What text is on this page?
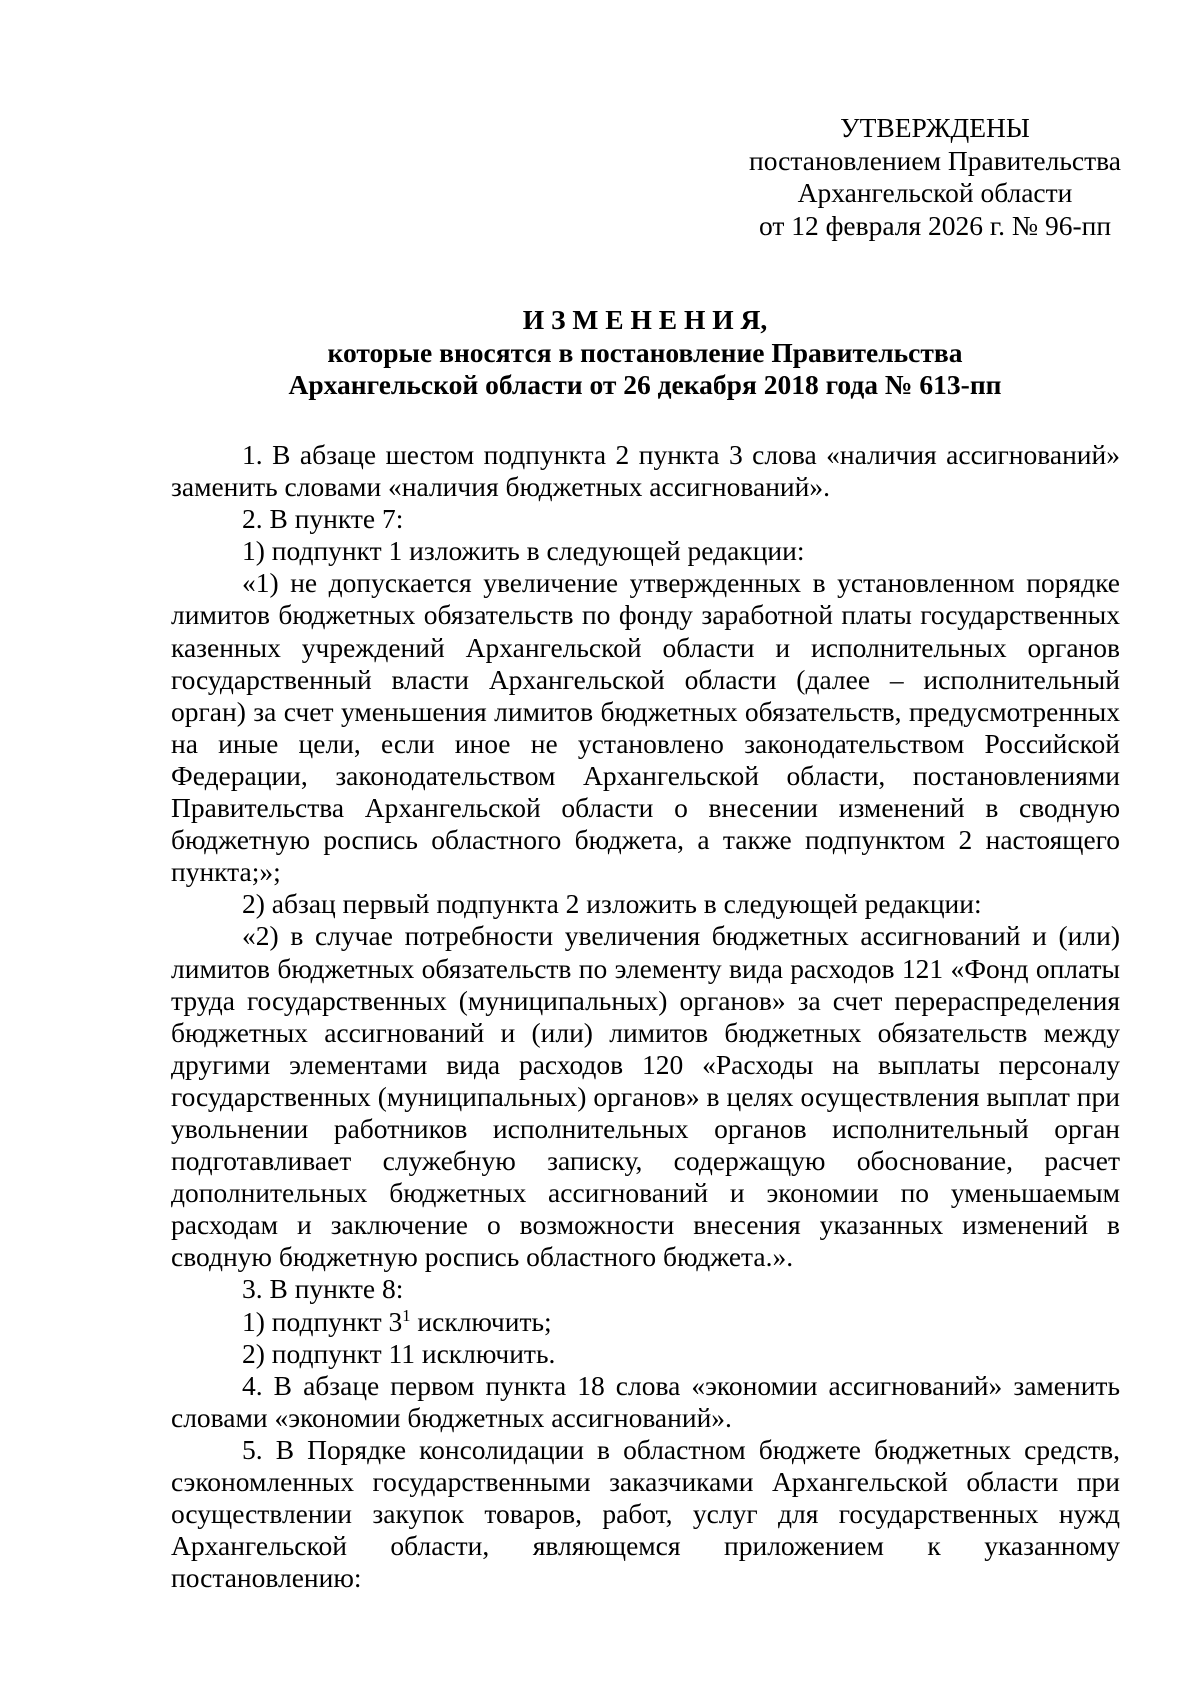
УТВЕРЖДЕНЫ
постановлением Правительства
Архангельской области
от 12 февраля 2026 г. № 96-пп
И З М Е Н Е Н И Я,
которые вносятся в постановление Правительства
Архангельской области от 26 декабря 2018 года № 613-пп

1. В абзаце шестом подпункта 2 пункта 3 слова «наличия ассигнований» заменить словами «наличия бюджетных ассигнований».

2. В пункте 7:

1) подпункт 1 изложить в следующей редакции:

«1) не допускается увеличение утвержденных в установленном порядке лимитов бюджетных обязательств по фонду заработной платы государственных казенных учреждений Архангельской области и исполнительных органов государственный власти Архангельской области (далее – исполнительный орган) за счет уменьшения лимитов бюджетных обязательств, предусмотренных на иные цели, если иное не установлено законодательством Российской Федерации, законодательством Архангельской области, постановлениями Правительства Архангельской области о внесении изменений в сводную бюджетную роспись областного бюджета, а также подпунктом 2 настоящего пункта;»;

2) абзац первый подпункта 2 изложить в следующей редакции:

«2) в случае потребности увеличения бюджетных ассигнований и (или) лимитов бюджетных обязательств по элементу вида расходов 121 «Фонд оплаты труда государственных (муниципальных) органов» за счет перераспределения бюджетных ассигнований и (или) лимитов бюджетных обязательств между другими элементами вида расходов 120 «Расходы на выплаты персоналу государственных (муниципальных) органов» в целях осуществления выплат при увольнении работников исполнительных органов исполнительный орган подготавливает служебную записку, содержащую обоснование, расчет дополнительных бюджетных ассигнований и экономии по уменьшаемым расходам и заключение о возможности внесения указанных изменений в сводную бюджетную роспись областного бюджета.».

3. В пункте 8:

1) подпункт $3^1$ исключить;

2) подпункт 11 исключить.

4. В абзаце первом пункта 18 слова «экономии ассигнований» заменить словами «экономии бюджетных ассигнований».

5. В Порядке консолидации в областном бюджете бюджетных средств, сэкономленных государственными заказчиками Архангельской области при осуществлении закупок товаров, работ, услуг для государственных нужд Архангельской области, являющемся приложением к указанному постановлению:
